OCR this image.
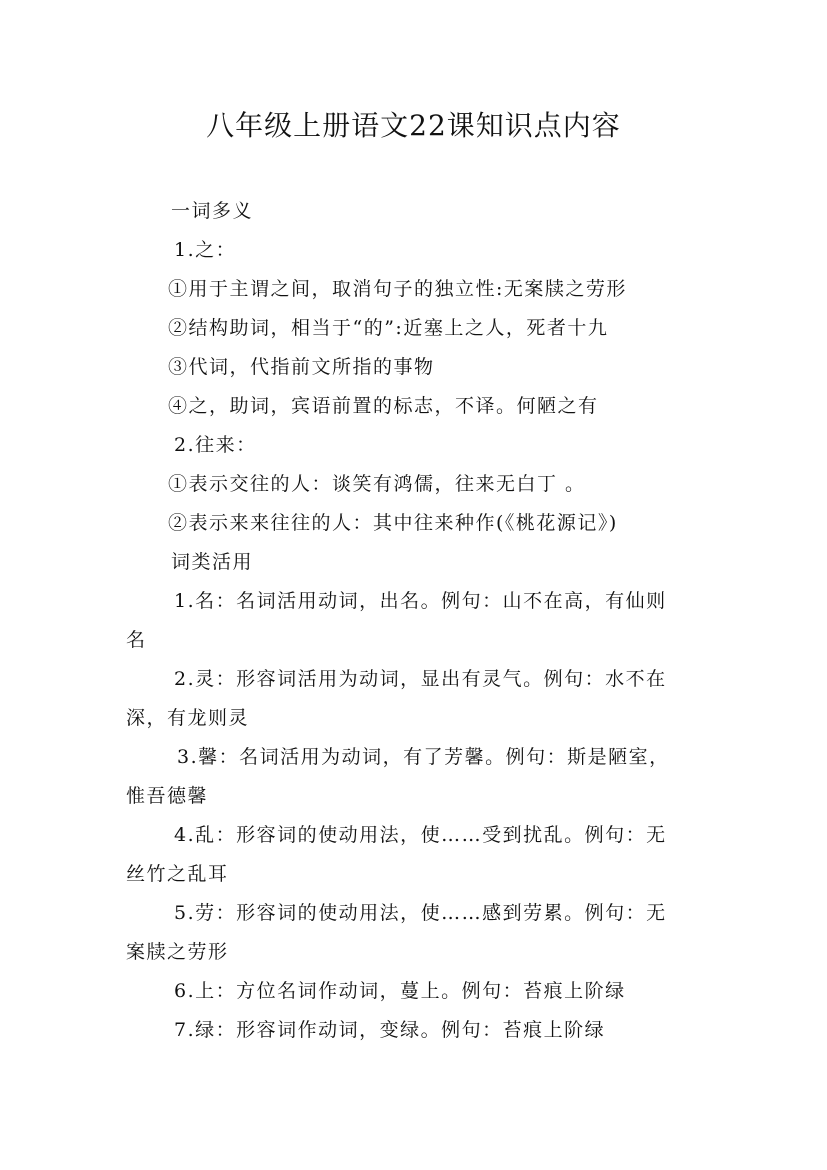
八年级上册语文22课知识点内容
一词多义
1.之：
①用于主谓之间，取消句子的独立性:无案牍之劳形
②结构助词，相当于“的”:近塞上之人，死者十九
③代词，代指前文所指的事物
④之，助词，宾语前置的标志，不译。何陋之有
2.往来：
①表示交往的人：谈笑有鸿儒，往来无白丁 。
②表示来来往往的人：其中往来种作(《桃花源记》)
词类活用
1.名：名词活用动词，出名。例句：山不在高，有仙则
名
2.灵：形容词活用为动词，显出有灵气。例句：水不在
深，有龙则灵
3.馨：名词活用为动词，有了芳馨。例句：斯是陋室，
惟吾德馨
4.乱：形容词的使动用法，使……受到扰乱。例句：无
丝竹之乱耳
5.劳：形容词的使动用法，使……感到劳累。例句：无
案牍之劳形
6.上：方位名词作动词，蔓上。例句：苔痕上阶绿
7.绿：形容词作动词，变绿。例句：苔痕上阶绿
